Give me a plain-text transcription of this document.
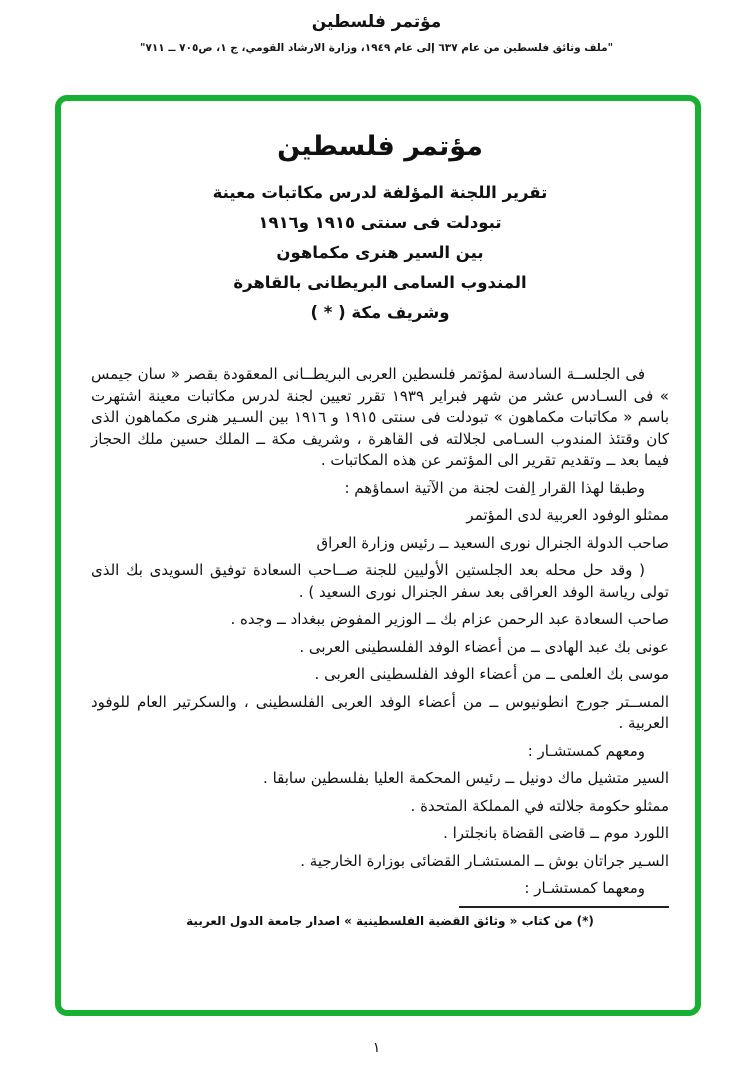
مؤتمر فلسطين
"ملف وثائق فلسطين من عام ٦٣٧ إلى عام ١٩٤٩، وزارة الارشاد القومي، ج ١، ص٧٠٥ ــ ٧١١"
مؤتمر فلسطين
تقرير اللجنة المؤلفة لدرس مكاتبات معينة
تبودلت فى سنتى ١٩١٥ و١٩١٦
بين السير هنرى مكماهون
المندوب السامى البريطانى بالقاهرة
وشريف مكة ( * )

فى الجلســة السادسة لمؤتمر فلسطين العربى البريطــانى المعقودة بقصر « سان جيمس » فى السـادس عشر من شهر فبراير ١٩٣٩ تقرر تعيين لجنة لدرس مكاتبات معينة اشتهرت باسم « مكاتبات مكماهون » تبودلت فى سنتى ١٩١٥ و ١٩١٦ بين السـير هنرى مكماهون الذى كان وقتئذ المندوب السـامى لجلالته فى القاهرة ، وشريف مكة ــ الملك حسين ملك الحجاز فيما بعد ــ وتقديم تقرير الى المؤتمر عن هذه المكاتبات .

وطبقا لهذا القرار اِلفت لجنة من الآتية اسماؤهم :

ممثلو الوفود العربية لدى المؤتمر
صاحب الدولة الجنرال نورى السعيد ــ رئيس وزارة العراق

( وقد حل محله بعد الجلستين الأوليين للجنة صــاحب السعادة توفيق السويدى بك الذى تولى رياسة الوفد العراقى بعد سفر الجنرال نورى السعيد ) .

صاحب السعادة عبد الرحمن عزام بك ــ الوزير المفوض ببغداد ــ وجده .
عونى بك عبد الهادى ــ من أعضاء الوفد الفلسطينى العربى .
موسى بك العلمى ــ من أعضاء الوفد الفلسطينى العربى .

المســتر جورج انطونيوس ــ من أعضاء الوفد العربى الفلسطينى ، والسكرتير العام للوفود العربية .

ومعهم كمستشـار :
السير متشيل ماك دونيل ــ رئيس المحكمة العليا بفلسطين سابقا .
ممثلو حكومة جلالته في المملكة المتحدة .
اللورد موم ــ قاضى القضاة بانجلترا .
السـير جراتان بوش ــ المستشـار القضائى بوزارة الخارجية .
ومعهما كمستشـار :
(*) من كتاب « وثائق القضية الفلسطينية » اصدار جامعة الدول العربية
١
